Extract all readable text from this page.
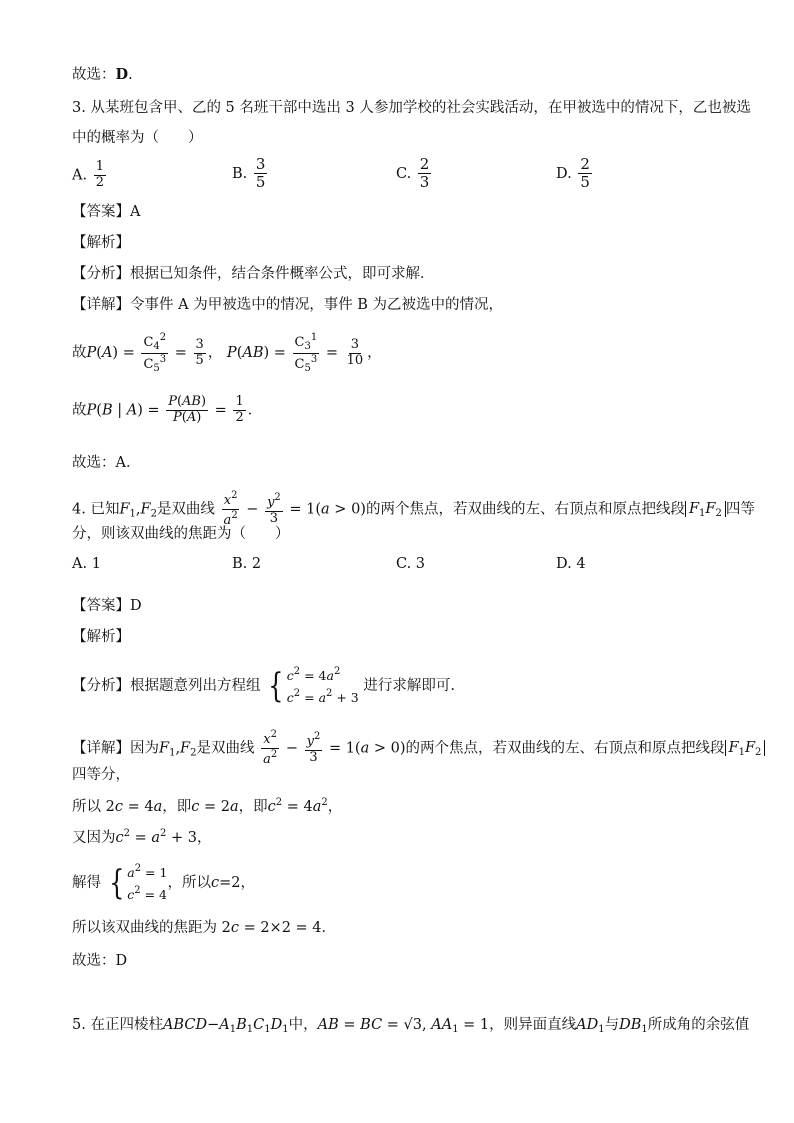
故选：D.
3. 从某班包含甲、乙的 5 名班干部中选出 3 人参加学校的社会实践活动，在甲被选中的情况下，乙也被选
中的概率为（　　）
A. $\frac{1}{2}$	B. $\frac{3}{5}$	C. $\frac{2}{3}$	D. $\frac{2}{5}$
【答案】A
【解析】
【分析】根据已知条件，结合条件概率公式，即可求解．
【详解】令事件 A 为甲被选中的情况，事件 B 为乙被选中的情况，
故$P(A) = \frac{C_4^2}{C_5^3} = \frac{3}{5}$ ， $P(AB) = \frac{C_3^1}{C_5^3} = \frac{3}{10}$ ，
故P(B | $A) = \frac{P(AB)}{P(A)} = \frac{1}{2}$ ．
故选：A．
4. 已知$F_1,F_2$是双曲线 $\frac{x^2}{a^2} - \frac{y^2}{3} = 1(a > 0)$的两个焦点，若双曲线的左、右顶点和原点把线段 $F_1F_2$ 四等
分，则该双曲线的焦距为（　　）
A. 1	B. 2	C. 3	D. 4
【答案】D
【解析】
【分析】根据题意列出方程组 { $c^2 = 4a^2$
$c^2 = a^2 + 3$
进行求解即可.
【详解】因为$F_1,F_2$是双曲线 $\frac{x^2}{a^2} - \frac{y^2}{3} = 1(a > 0)$的两个焦点，若双曲线的左、右顶点和原点把线段 $F_1F_2$
四等分，
所以 2c = 4a，即c = 2a，即$c^2 = 4a^2$，
又因为$c^2 = a^2 + 3$，
解得 { $a^2 = 1$
$c^2 = 4$
，所以c=2，
所以该双曲线的焦距为 2c = 2×2 = 4．
故选：D
5. 在正四棱柱$ABCD-A_1B_1C_1D_1$中，AB = BC = √3, $AA_1 = 1$，则异面直线$AD_1$与$DB_1$所成角的余弦值
